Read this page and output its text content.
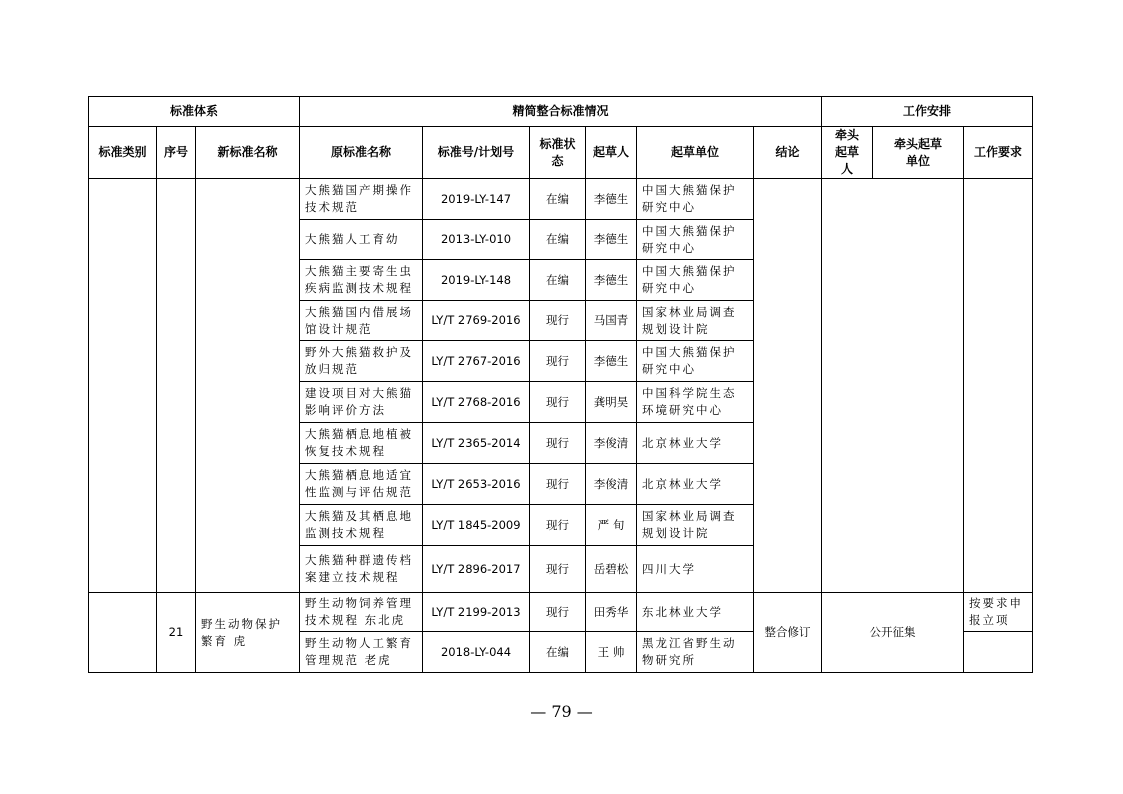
标准体系			精简整合标准情况						工作安排		
标准类别	序号	新标准名称	原标准名称	标准号/计划号	标准状态	起草人	起草单位	结论	牵头起草人	牵头起草单位	工作要求
			大熊猫国产期操作技术规范	2019-LY-147	在编	李德生	中国大熊猫保护研究中心				
			大熊猫人工育幼	2013-LY-010	在编	李德生	中国大熊猫保护研究中心				
			大熊猫主要寄生虫疾病监测技术规程	2019-LY-148	在编	李德生	中国大熊猫保护研究中心				
			大熊猫国内借展场馆设计规范	LY/T 2769-2016	现行	马国青	国家林业局调查规划设计院				
			野外大熊猫救护及放归规范	LY/T 2767-2016	现行	李德生	中国大熊猫保护研究中心				
			建设项目对大熊猫影响评价方法	LY/T 2768-2016	现行	龚明昊	中国科学院生态环境研究中心				
			大熊猫栖息地植被恢复技术规程	LY/T 2365-2014	现行	李俊清	北京林业大学				
			大熊猫栖息地适宜性监测与评估规范	LY/T 2653-2016	现行	李俊清	北京林业大学				
			大熊猫及其栖息地监测技术规程	LY/T 1845-2009	现行	严 旬	国家林业局调查规划设计院				
			大熊猫种群遗传档案建立技术规程	LY/T 2896-2017	现行	岳碧松	四川大学				
	21	野生动物保护繁育 虎	野生动物饲养管理技术规程 东北虎	LY/T 2199-2013	现行	田秀华	东北林业大学	整合修订	公开征集		按要求申报立项
			野生动物人工繁育管理规范 老虎	2018-LY-044	在编	王 帅	黑龙江省野生动物研究所				
— 79 —
